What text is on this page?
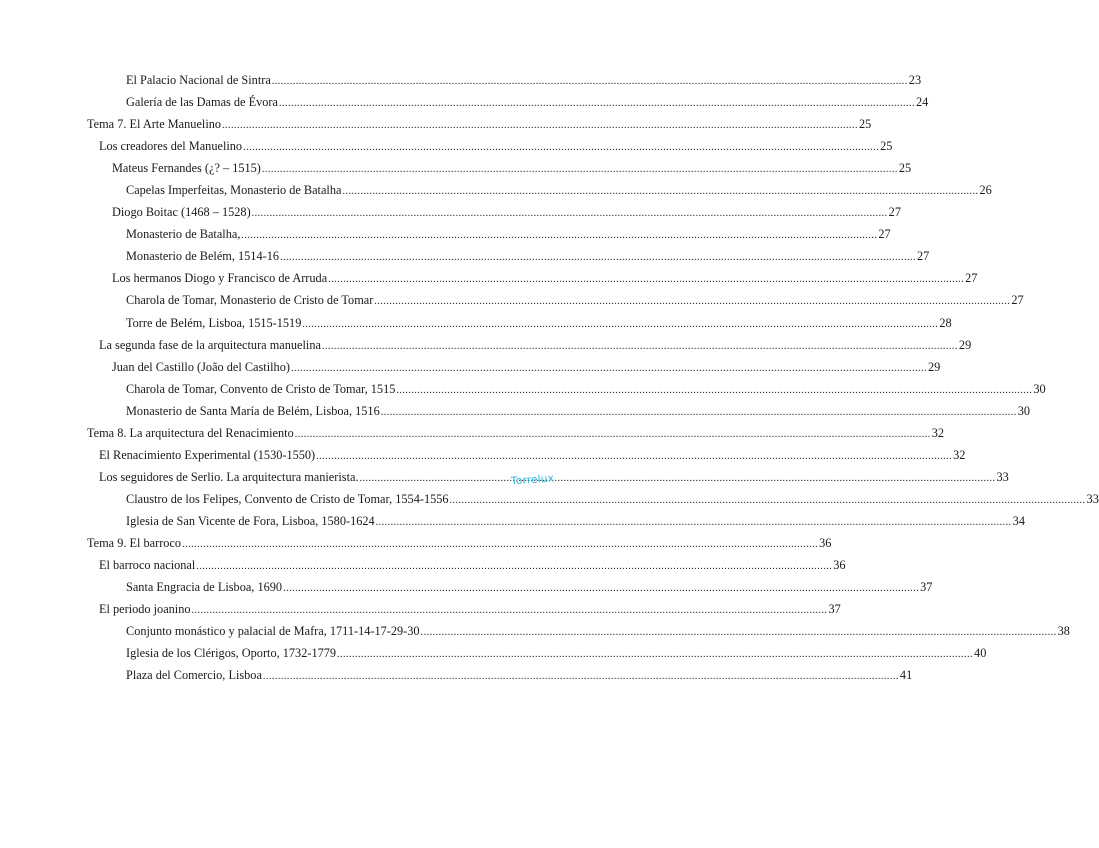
El Palacio Nacional de Sintra .....	23
Galería de las Damas de Évora .....	24
Tema 7. El Arte Manuelino .....	25
Los creadores del Manuelino .....	25
Mateus Fernandes (¿? – 1515) .....	25
Capelas Imperfeitas, Monasterio de Batalha .....	26
Diogo Boitac (1468 – 1528) .....	27
Monasterio de Batalha, .....	27
Monasterio de Belém, 1514-16 .....	27
Los hermanos Diogo y Francisco de Arruda .....	27
Charola de Tomar, Monasterio de Cristo de Tomar .....	27
Torre de Belém, Lisboa, 1515-1519 .....	28
La segunda fase de la arquitectura manuelina .....	29
Juan del Castillo (João del Castilho) .....	29
Charola de Tomar, Convento de Cristo de Tomar, 1515 .....	30
Monasterio de Santa María de Belém, Lisboa, 1516 .....	30
Tema 8. La arquitectura del Renacimiento .....	32
El Renacimiento Experimental (1530-1550) .....	32
Los seguidores de Serlio. La arquitectura manierista. .....	33
Claustro de los Felipes, Convento de Cristo de Tomar, 1554-1556 .....	33
Iglesia de San Vicente de Fora, Lisboa, 1580-1624 .....	34
Tema 9. El barroco .....	36
El barroco nacional .....	36
Santa Engracia de Lisboa, 1690 .....	37
El periodo joanino .....	37
Conjunto monástico y palacial de Mafra, 1711-14-17-29-30 .....	38
Iglesia de los Clérigos, Oporto, 1732-1779 .....	40
Plaza del Comercio, Lisboa .....	41
Torrelux
